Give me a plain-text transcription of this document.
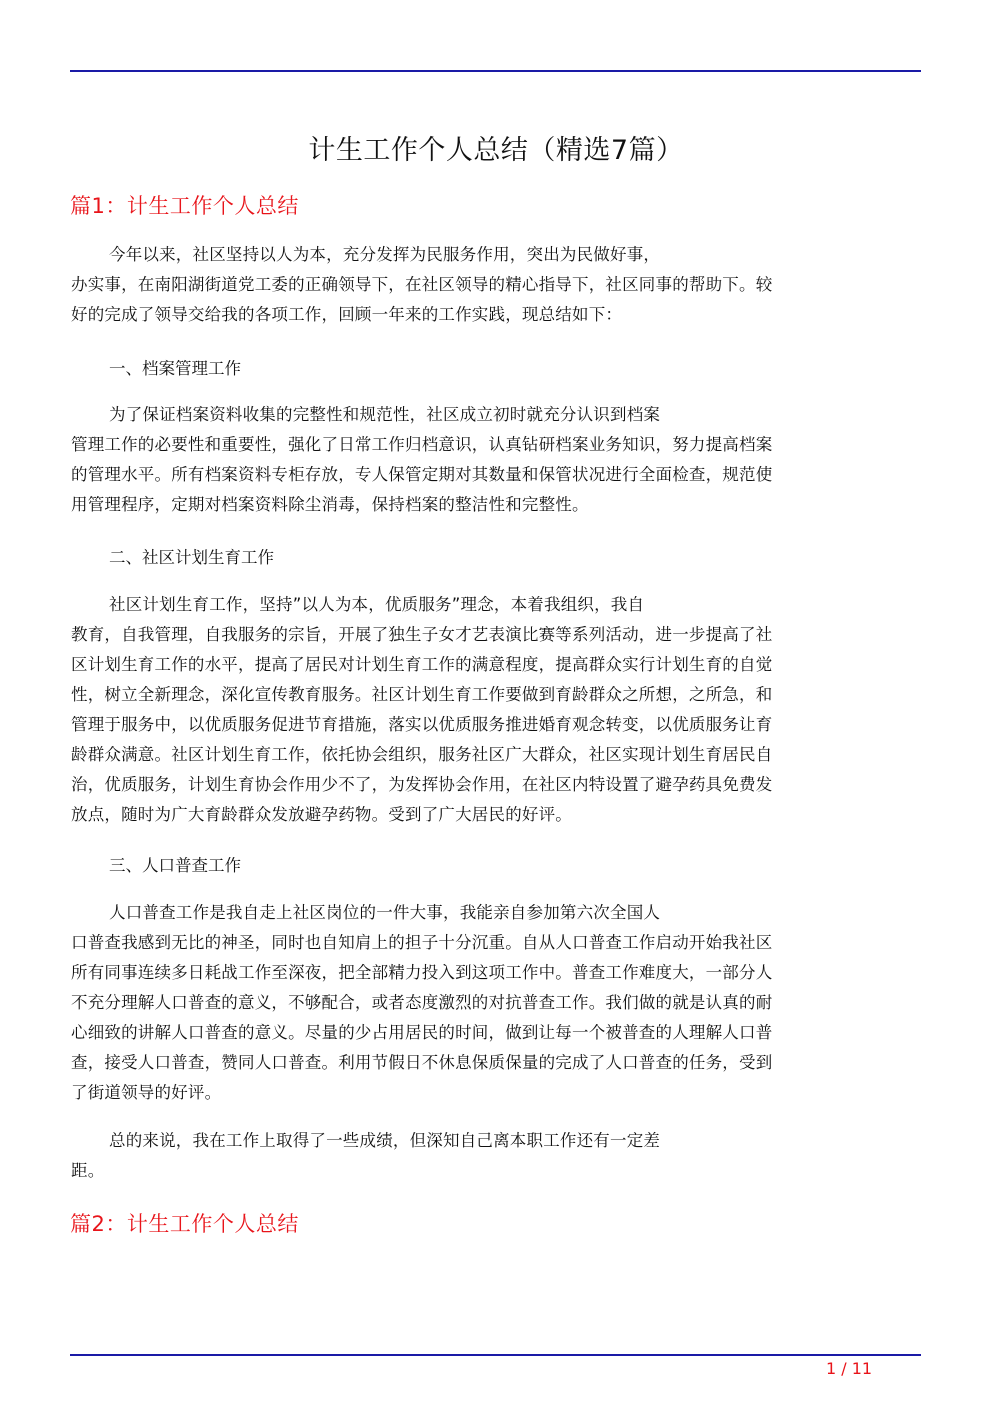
计生工作个人总结（精选7篇）
篇1：计生工作个人总结
今年以来，社区坚持以人为本，充分发挥为民服务作用，突出为民做好事，
办实事，在南阳湖街道党工委的正确领导下，在社区领导的精心指导下，社区同事的帮助下。较
好的完成了领导交给我的各项工作，回顾一年来的工作实践，现总结如下：
一、档案管理工作
为了保证档案资料收集的完整性和规范性，社区成立初时就充分认识到档案
管理工作的必要性和重要性，强化了日常工作归档意识，认真钻研档案业务知识，努力提高档案
的管理水平。所有档案资料专柜存放，专人保管定期对其数量和保管状况进行全面检查，规范使
用管理程序，定期对档案资料除尘消毒，保持档案的整洁性和完整性。
二、社区计划生育工作
社区计划生育工作，坚持”以人为本，优质服务”理念，本着我组织，我自
教育，自我管理，自我服务的宗旨，开展了独生子女才艺表演比赛等系列活动，进一步提高了社
区计划生育工作的水平，提高了居民对计划生育工作的满意程度，提高群众实行计划生育的自觉
性，树立全新理念，深化宣传教育服务。社区计划生育工作要做到育龄群众之所想，之所急，和
管理于服务中，以优质服务促进节育措施，落实以优质服务推进婚育观念转变，以优质服务让育
龄群众满意。社区计划生育工作，依托协会组织，服务社区广大群众，社区实现计划生育居民自
治，优质服务，计划生育协会作用少不了，为发挥协会作用，在社区内特设置了避孕药具免费发
放点，随时为广大育龄群众发放避孕药物。受到了广大居民的好评。
三、人口普查工作
人口普查工作是我自走上社区岗位的一件大事，我能亲自参加第六次全国人
口普查我感到无比的神圣，同时也自知肩上的担子十分沉重。自从人口普查工作启动开始我社区
所有同事连续多日耗战工作至深夜，把全部精力投入到这项工作中。普查工作难度大，一部分人
不充分理解人口普查的意义，不够配合，或者态度激烈的对抗普查工作。我们做的就是认真的耐
心细致的讲解人口普查的意义。尽量的少占用居民的时间，做到让每一个被普查的人理解人口普
查，接受人口普查，赞同人口普查。利用节假日不休息保质保量的完成了人口普查的任务，受到
了街道领导的好评。
总的来说，我在工作上取得了一些成绩，但深知自己离本职工作还有一定差
距。
篇2：计生工作个人总结
1 / 11
